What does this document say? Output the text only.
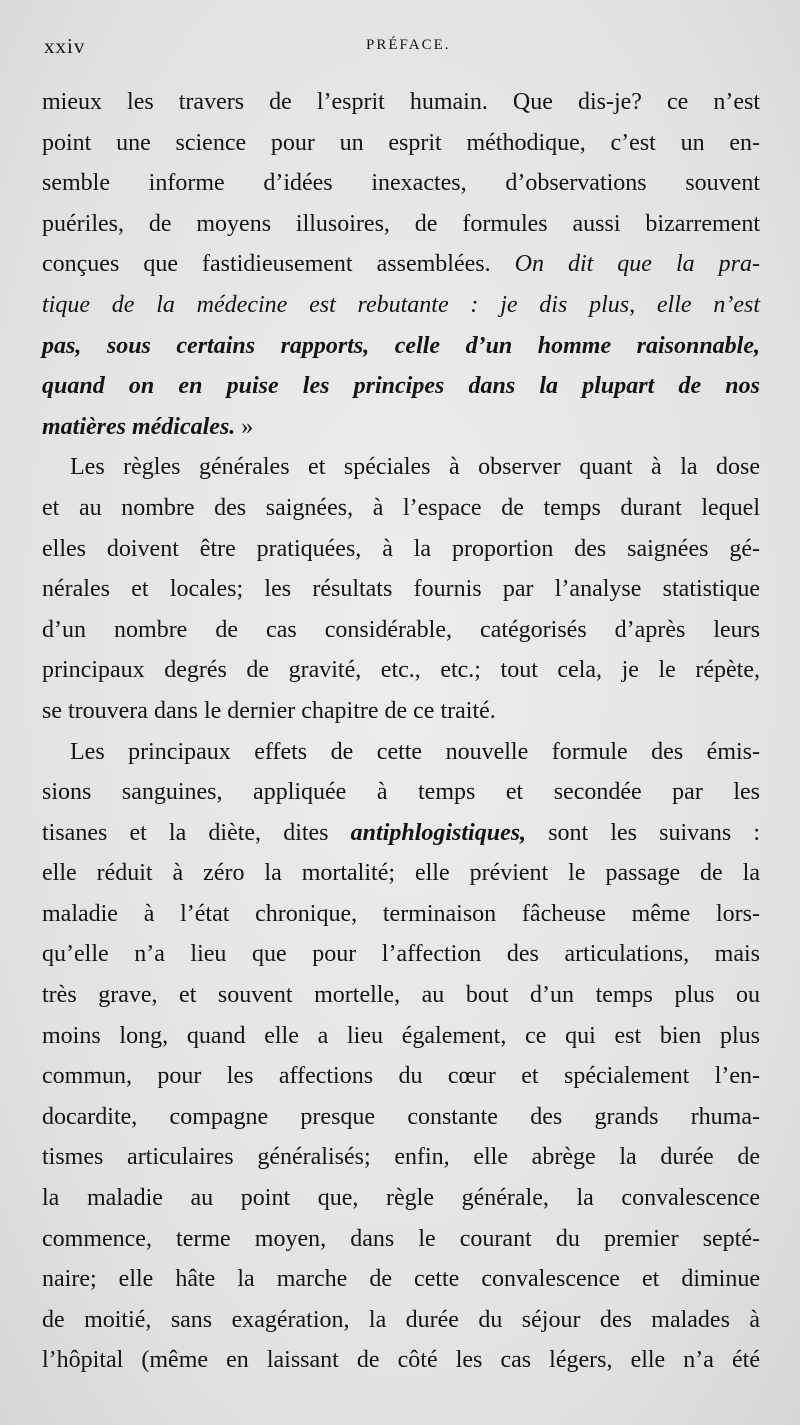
xxiv	PRÉFACE.
mieux les travers de l’esprit humain. Que dis-je? ce n’est
point une science pour un esprit méthodique, c’est un en-
semble informe d’idées inexactes, d’observations souvent
puériles, de moyens illusoires, de formules aussi bizarrement
conçues que fastidieusement assemblées. On dit que la pra-
tique de la médecine est rebutante : je dis plus, elle n’est
pas, sous certains rapports, celle d’un homme raisonnable,
quand on en puise les principes dans la plupart de nos
matières médicales. »
Les règles générales et spéciales à observer quant à la dose
et au nombre des saignées, à l’espace de temps durant lequel
elles doivent être pratiquées, à la proportion des saignées gé-
nérales et locales; les résultats fournis par l’analyse statistique
d’un nombre de cas considérable, catégorisés d’après leurs
principaux degrés de gravité, etc., etc.; tout cela, je le répète,
se trouvera dans le dernier chapitre de ce traité.
Les principaux effets de cette nouvelle formule des émis-
sions sanguines, appliquée à temps et secondée par les
tisanes et la diète, dites antiphlogistiques, sont les suivans :
elle réduit à zéro la mortalité; elle prévient le passage de la
maladie à l’état chronique, terminaison fâcheuse même lors-
qu’elle n’a lieu que pour l’affection des articulations, mais
très grave, et souvent mortelle, au bout d’un temps plus ou
moins long, quand elle a lieu également, ce qui est bien plus
commun, pour les affections du cœur et spécialement l’en-
docardite, compagne presque constante des grands rhuma-
tismes articulaires généralisés; enfin, elle abrège la durée de
la maladie au point que, règle générale, la convalescence
commence, terme moyen, dans le courant du premier septé-
naire; elle hâte la marche de cette convalescence et diminue
de moitié, sans exagération, la durée du séjour des malades à
l’hôpital (même en laissant de côté les cas légers, elle n’a été
